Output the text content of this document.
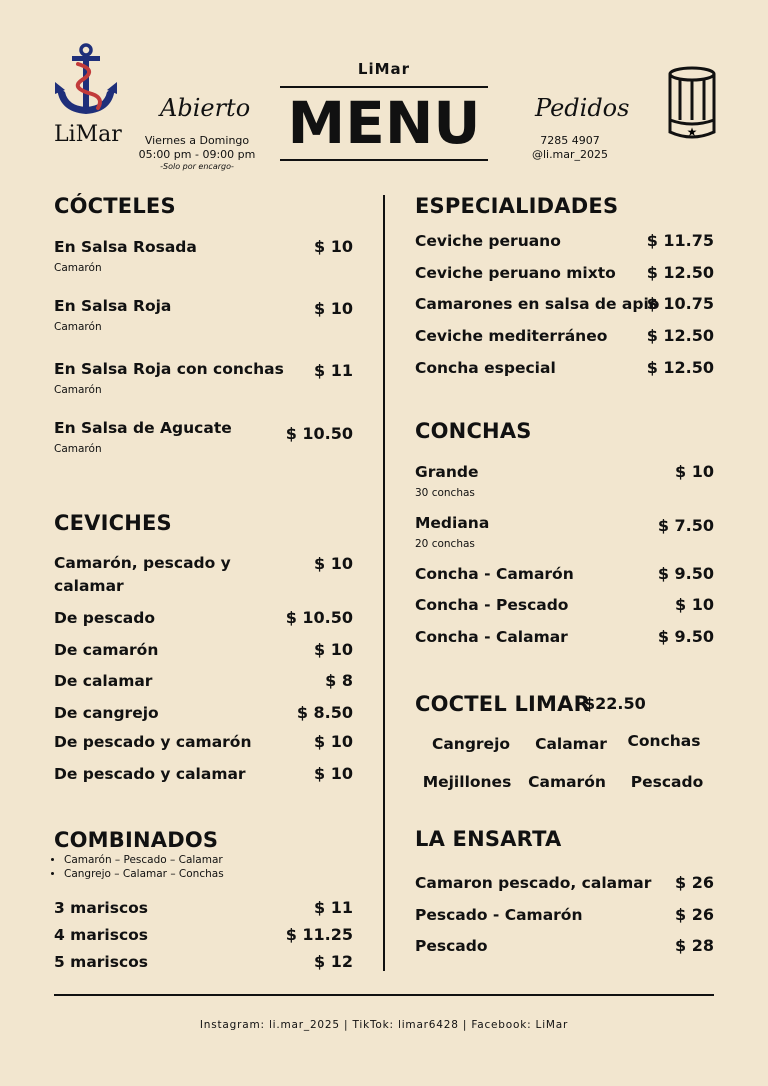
LiMar
Abierto
Viernes a Domingo
05:00 pm - 09:00 pm
-Solo por encargo-
LiMar
MENU	Pedidos
7285 4907
@li.mar_2025
★
CÓCTELES
En Salsa Rosada
Camarón
$ 10
En Salsa Roja
Camarón
$ 10
En Salsa Roja con conchas
Camarón
$ 11
En Salsa de Agucate
Camarón
$ 10.50
CEVICHES
Camarón, pescado y calamar
$ 10
De pescado	$ 10.50
De camarón	$ 10
De calamar	$ 8
De cangrejo	$ 8.50
De pescado y camarón	$ 10
De pescado y calamar	$ 10
COMBINADOS
• Camarón – Pescado – Calamar
• Cangrejo – Calamar – Conchas
3 mariscos	$ 11
4 mariscos	$ 11.25
5 mariscos	$ 12
ESPECIALIDADES
Ceviche peruano	$ 11.75
Ceviche peruano mixto $ 12.50
Camarones en salsa de apio
$ 10.75
Ceviche mediterráneo $ 12.50
Concha especial	$ 12.50
CONCHAS
Grande
30 conchas
$ 10
Mediana
20 conchas
$ 7.50
Concha - Camarón	$ 9.50
Concha - Pescado	$ 10
Concha - Calamar	$ 9.50
COCTEL LIMAR
$22.50
Cangrejo	Calamar	Conchas
Mejillones	Camarón	Pescado
LA ENSARTA
Camaron pescado, calamar $ 26
Pescado - Camarón	$ 26
Pescado	$ 28
Instagram: li.mar_2025 | TikTok: limar6428 | Facebook: LiMar
